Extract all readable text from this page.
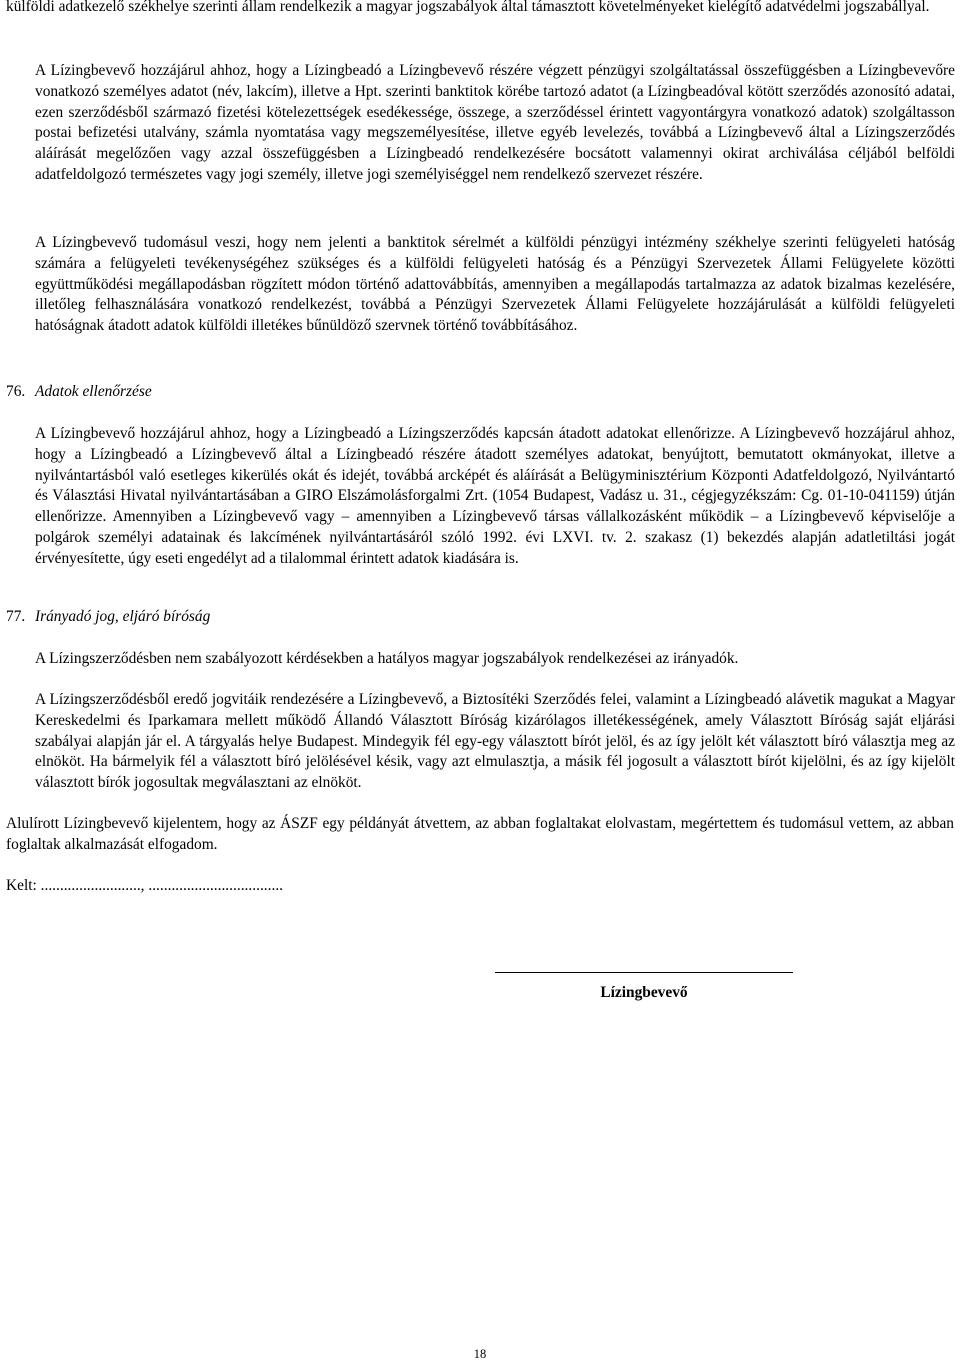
külföldi adatkezelő székhelye szerinti állam rendelkezik a magyar jogszabályok által támasztott követelményeket kielégítő adatvédelmi jogszabállyal.

A Lízingbevevő hozzájárul ahhoz, hogy a Lízingbeadó a Lízingbevevő részére végzett pénzügyi szolgáltatással összefüggésben a Lízingbevevőre vonatkozó személyes adatot (név, lakcím), illetve a Hpt. szerinti banktitok körébe tartozó adatot (a Lízingbeadóval kötött szerződés azonosító adatai, ezen szerződésből származó fizetési kötelezettségek esedékessége, összege, a szerződéssel érintett vagyontárgyra vonatkozó adatok) szolgáltasson postai befizetési utalvány, számla nyomtatása vagy megszemélyesítése, illetve egyéb levelezés, továbbá a Lízingbevevő által a Lízingszerződés aláírását megelőzően vagy azzal összefüggésben a Lízingbeadó rendelkezésére bocsátott valamennyi okirat archiválása céljából belföldi adatfeldolgozó természetes vagy jogi személy, illetve jogi személyiséggel nem rendelkező szervezet részére.

A Lízingbevevő tudomásul veszi, hogy nem jelenti a banktitok sérelmét a külföldi pénzügyi intézmény székhelye szerinti felügyeleti hatóság számára a felügyeleti tevékenységéhez szükséges és a külföldi felügyeleti hatóság és a Pénzügyi Szervezetek Állami Felügyelete közötti együttműködési megállapodásban rögzített módon történő adattovábbítás, amennyiben a megállapodás tartalmazza az adatok bizalmas kezelésére, illetőleg felhasználására vonatkozó rendelkezést, továbbá a Pénzügyi Szervezetek Állami Felügyelete hozzájárulását a külföldi felügyeleti hatóságnak átadott adatok külföldi illetékes bűnüldöző szervnek történő továbbításához.

76. Adatok ellenőrzése

A Lízingbevevő hozzájárul ahhoz, hogy a Lízingbeadó a Lízingszerződés kapcsán átadott adatokat ellenőrizze. A Lízingbevevő hozzájárul ahhoz, hogy a Lízingbeadó a Lízingbevevő által a Lízingbeadó részére átadott személyes adatokat, benyújtott, bemutatott okmányokat, illetve a nyilvántartásból való esetleges kikerülés okát és idejét, továbbá arcképét és aláírását a Belügyminisztérium Központi Adatfeldolgozó, Nyilvántartó és Választási Hivatal nyilvántartásában a GIRO Elszámolásforgalmi Zrt. (1054 Budapest, Vadász u. 31., cégjegyzékszám: Cg. 01-10-041159) útján ellenőrizze. Amennyiben a Lízingbevevő vagy – amennyiben a Lízingbevevő társas vállalkozásként működik – a Lízingbevevő képviselője a polgárok személyi adatainak és lakcímének nyilvántartásáról szóló 1992. évi LXVI. tv. 2. szakasz (1) bekezdés alapján adatletiltási jogát érvényesítette, úgy eseti engedélyt ad a tilalommal érintett adatok kiadására is.

77. Irányadó jog, eljáró bíróság

A Lízingszerződésben nem szabályozott kérdésekben a hatályos magyar jogszabályok rendelkezései az irányadók.

A Lízingszerződésből eredő jogvitáik rendezésére a Lízingbevevő, a Biztosítéki Szerződés felei, valamint a Lízingbeadó alávetik magukat a Magyar Kereskedelmi és Iparkamara mellett működő Állandó Választott Bíróság kizárólagos illetékességének, amely Választott Bíróság saját eljárási szabályai alapján jár el. A tárgyalás helye Budapest. Mindegyik fél egy-egy választott bírót jelöl, és az így jelölt két választott bíró választja meg az elnököt. Ha bármelyik fél a választott bíró jelölésével késik, vagy azt elmulasztja, a másik fél jogosult a választott bírót kijelölni, és az így kijelölt választott bírók jogosultak megválasztani az elnököt.

Alulírott Lízingbevevő kijelentem, hogy az ÁSZF egy példányát átvettem, az abban foglaltakat elolvastam, megértettem és tudomásul vettem, az abban foglaltak alkalmazását elfogadom.

Kelt: .........................., ...................................

Lízingbevevő

18
